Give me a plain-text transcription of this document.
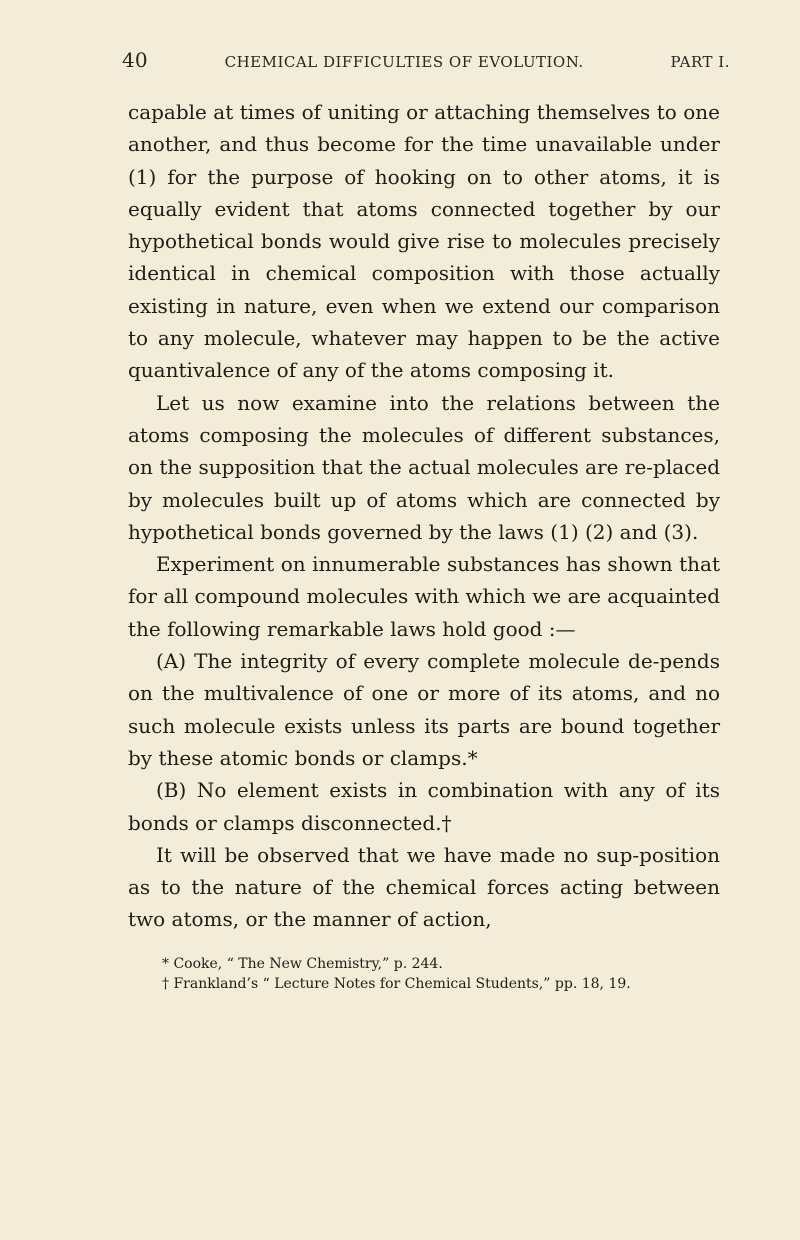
40	CHEMICAL DIFFICULTIES OF EVOLUTION.	PART I.

capable at times of uniting or attaching themselves to one another, and thus become for the time unavailable under (1) for the purpose of hooking on to other atoms, it is equally evident that atoms connected together by our hypothetical bonds would give rise to molecules precisely identical in chemical composition with those actually existing in nature, even when we extend our comparison to any molecule, whatever may happen to be the active quantivalence of any of the atoms composing it.

Let us now examine into the relations between the atoms composing the molecules of different substances, on the supposition that the actual molecules are re-placed by molecules built up of atoms which are connected by hypothetical bonds governed by the laws (1) (2) and (3).

Experiment on innumerable substances has shown that for all compound molecules with which we are acquainted the following remarkable laws hold good :—

(A) The integrity of every complete molecule de-pends on the multivalence of one or more of its atoms, and no such molecule exists unless its parts are bound together by these atomic bonds or clamps.*

(B) No element exists in combination with any of its bonds or clamps disconnected.†

It will be observed that we have made no sup-position as to the nature of the chemical forces acting between two atoms, or the manner of action,

* Cooke, “ The New Chemistry,” p. 244.

† Frankland’s “ Lecture Notes for Chemical Students,” pp. 18, 19.
